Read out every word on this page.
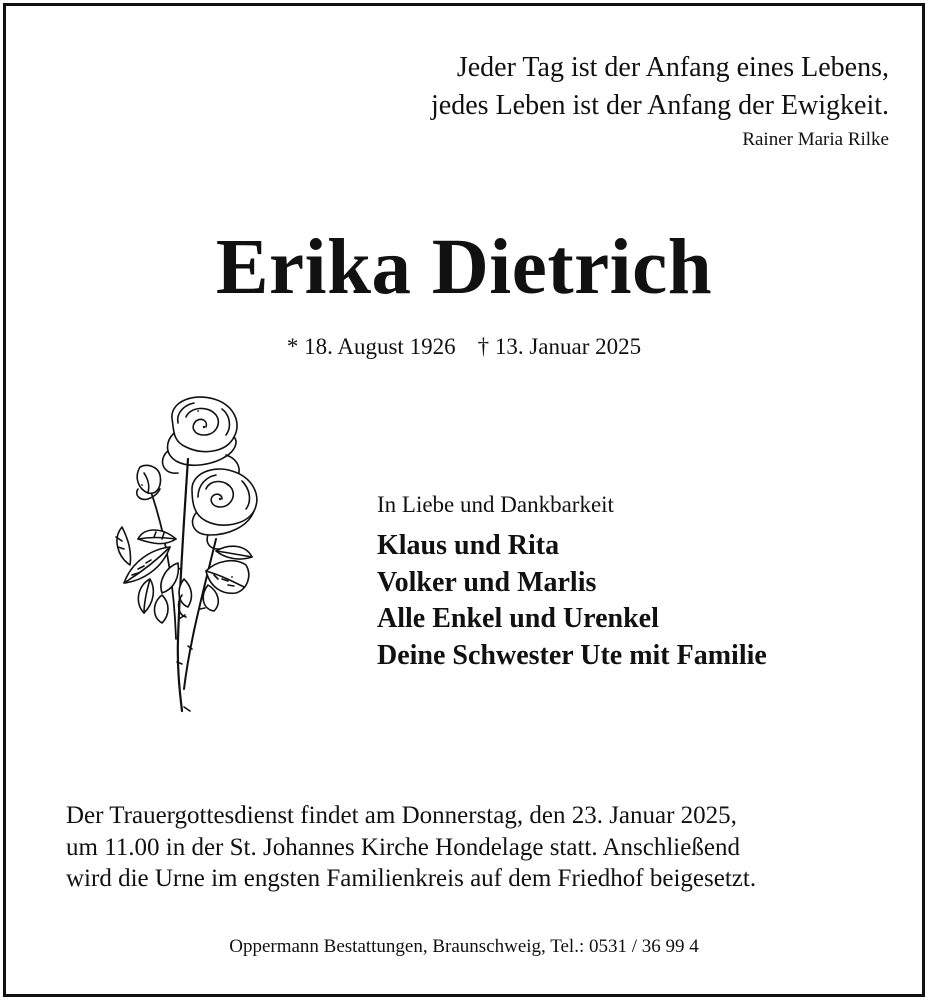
Jeder Tag ist der Anfang eines Lebens,
jedes Leben ist der Anfang der Ewigkeit.
Rainer Maria Rilke
Erika Dietrich
* 18. August 1926 † 13. Januar 2025
In Liebe und Dankbarkeit
Klaus und Rita
Volker und Marlis
Alle Enkel und Urenkel
Deine Schwester Ute mit Familie
Der Trauergottesdienst findet am Donnerstag, den 23. Januar 2025,
um 11.00 in der St. Johannes Kirche Hondelage statt. Anschließend
wird die Urne im engsten Familienkreis auf dem Friedhof beigesetzt.
Oppermann Bestattungen, Braunschweig, Tel.: 0531 / 36 99 4
